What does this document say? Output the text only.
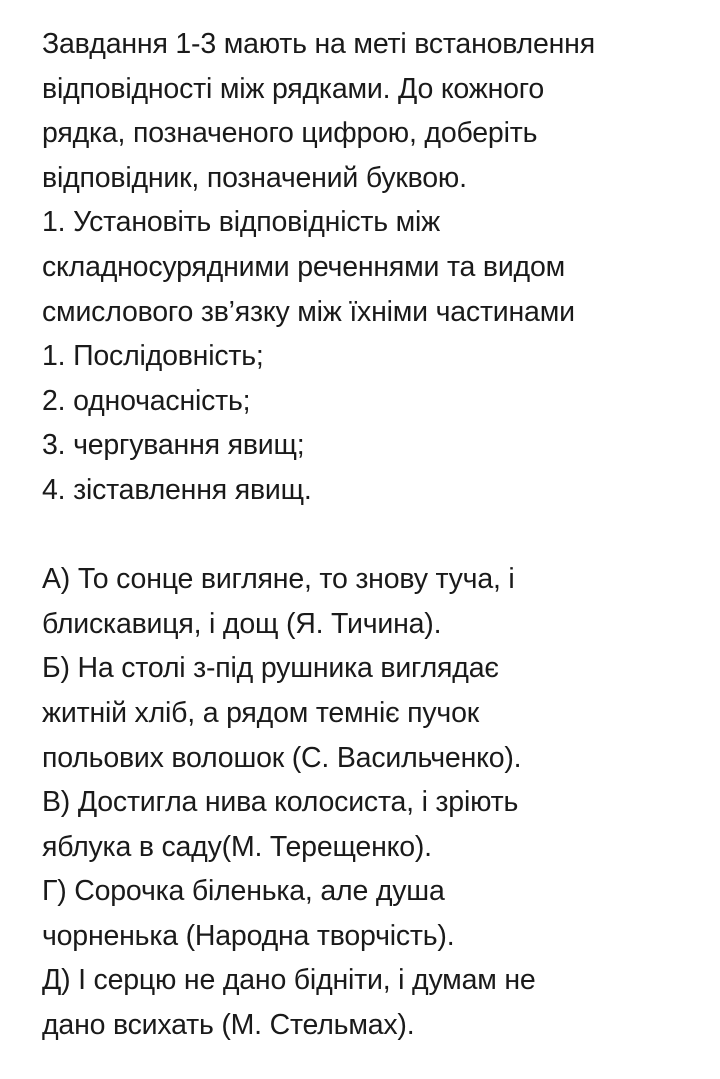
Завдання 1-3 мають на меті встановлення
відповідності між рядками. До кожного
рядка, позначеного цифрою, доберіть
відповідник, позначений буквою.
1. Установіть відповідність між
складносурядними реченнями та видом
смислового зв’язку між їхніми частинами
1. Послідовність;
2. одночасність;
3. чергування явищ;
4. зіставлення явищ.
А) То сонце вигляне, то знову туча, і
блискавиця, і дощ (Я. Тичина).
Б) На столі з-під рушника виглядає
житній хліб, а рядом темніє пучок
польових волошок (С. Васильченко).
В) Достигла нива колосиста, і зріють
яблука в саду(М. Терещенко).
Г) Сорочка біленька, але душа
чорненька (Народна творчість).
Д) І серцю не дано бідніти, і думам не
дано всихать (М. Стельмах).
